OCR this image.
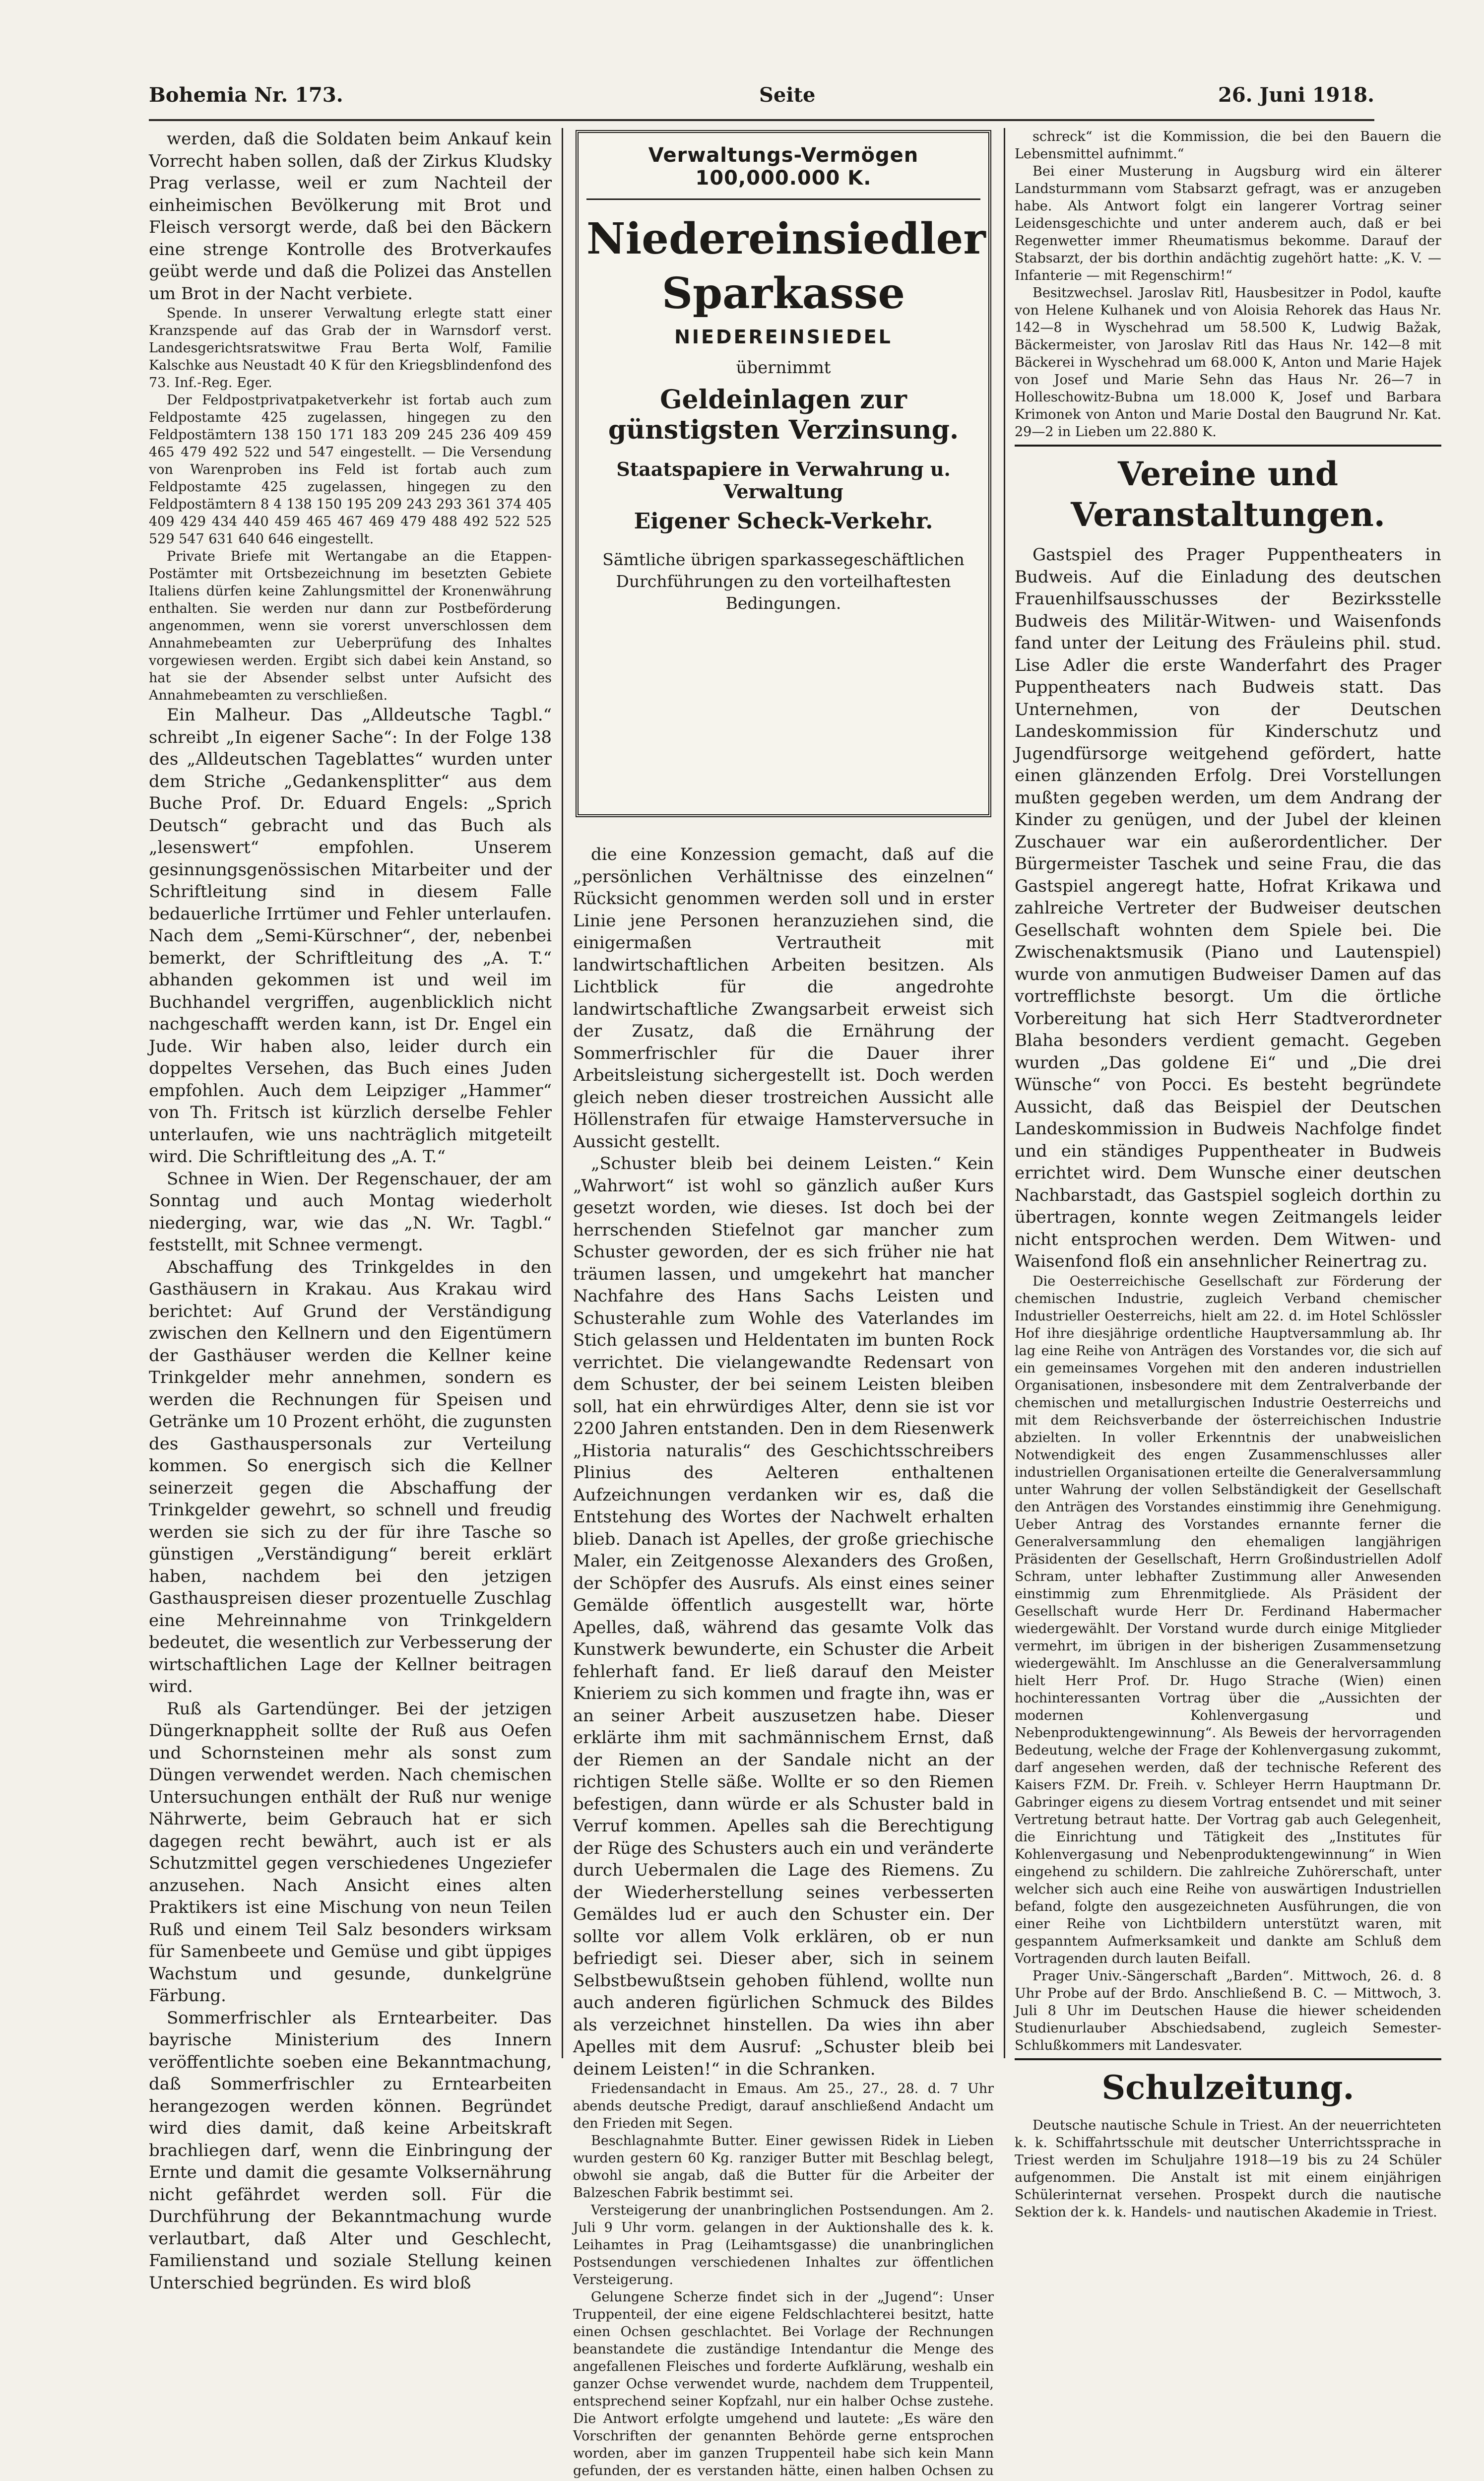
Bohemia Nr. 173.	Seite	26. Juni 1918.

werden, daß die Soldaten beim Ankauf kein Vorrecht haben sollen, daß der Zirkus Kludsky Prag verlasse, weil er zum Nachteil der einheimischen Bevölkerung mit Brot und Fleisch versorgt werde, daß bei den Bäckern eine strenge Kontrolle des Brotverkaufes geübt werde und daß die Polizei das Anstellen um Brot in der Nacht verbiete.

Spende. In unserer Verwaltung erlegte statt einer Kranzspende auf das Grab der in Warnsdorf verst. Landesgerichtsratswitwe Frau Berta Wolf, Familie Kalschke aus Neustadt 40 K für den Kriegsblindenfond des 73. Inf.-Reg. Eger.

Der Feldpostprivatpaketverkehr ist fortab auch zum Feldpostamte 425 zugelassen, hingegen zu den Feldpostämtern 138 150 171 183 209 245 236 409 459 465 479 492 522 und 547 eingestellt. — Die Versendung von Warenproben ins Feld ist fortab auch zum Feldpostamte 425 zugelassen, hingegen zu den Feldpostämtern 8 4 138 150 195 209 243 293 361 374 405 409 429 434 440 459 465 467 469 479 488 492 522 525 529 547 631 640 646 eingestellt.

Private Briefe mit Wertangabe an die Etappen-Postämter mit Ortsbezeichnung im besetzten Gebiete Italiens dürfen keine Zahlungsmittel der Kronenwährung enthalten. Sie werden nur dann zur Postbeförderung angenommen, wenn sie vorerst unverschlossen dem Annahmebeamten zur Ueberprüfung des Inhaltes vorgewiesen werden. Ergibt sich dabei kein Anstand, so hat sie der Absender selbst unter Aufsicht des Annahmebeamten zu verschließen.

Ein Malheur. Das „Alldeutsche Tagbl.“ schreibt „In eigener Sache“: In der Folge 138 des „Alldeutschen Tageblattes“ wurden unter dem Striche „Gedankensplitter“ aus dem Buche Prof. Dr. Eduard Engels: „Sprich Deutsch“ gebracht und das Buch als „lesenswert“ empfohlen. Unserem gesinnungsgenössischen Mitarbeiter und der Schriftleitung sind in diesem Falle bedauerliche Irrtümer und Fehler unterlaufen. Nach dem „Semi-Kürschner“, der, nebenbei bemerkt, der Schriftleitung des „A. T.“ abhanden gekommen ist und weil im Buchhandel vergriffen, augenblicklich nicht nachgeschafft werden kann, ist Dr. Engel ein Jude. Wir haben also, leider durch ein doppeltes Versehen, das Buch eines Juden empfohlen. Auch dem Leipziger „Hammer“ von Th. Fritsch ist kürzlich derselbe Fehler unterlaufen, wie uns nachträglich mitgeteilt wird. Die Schriftleitung des „A. T.“

Schnee in Wien. Der Regenschauer, der am Sonntag und auch Montag wiederholt niederging, war, wie das „N. Wr. Tagbl.“ feststellt, mit Schnee vermengt.

Abschaffung des Trinkgeldes in den Gasthäusern in Krakau. Aus Krakau wird berichtet: Auf Grund der Verständigung zwischen den Kellnern und den Eigentümern der Gasthäuser werden die Kellner keine Trinkgelder mehr annehmen, sondern es werden die Rechnungen für Speisen und Getränke um 10 Prozent erhöht, die zugunsten des Gasthauspersonals zur Verteilung kommen. So energisch sich die Kellner seinerzeit gegen die Abschaffung der Trinkgelder gewehrt, so schnell und freudig werden sie sich zu der für ihre Tasche so günstigen „Verständigung“ bereit erklärt haben, nachdem bei den jetzigen Gasthauspreisen dieser prozentuelle Zuschlag eine Mehreinnahme von Trinkgeldern bedeutet, die wesentlich zur Verbesserung der wirtschaftlichen Lage der Kellner beitragen wird.

Ruß als Gartendünger. Bei der jetzigen Düngerknappheit sollte der Ruß aus Oefen und Schornsteinen mehr als sonst zum Düngen verwendet werden. Nach chemischen Untersuchungen enthält der Ruß nur wenige Nährwerte, beim Gebrauch hat er sich dagegen recht bewährt, auch ist er als Schutzmittel gegen verschiedenes Ungeziefer anzusehen. Nach Ansicht eines alten Praktikers ist eine Mischung von neun Teilen Ruß und einem Teil Salz besonders wirksam für Samenbeete und Gemüse und gibt üppiges Wachstum und gesunde, dunkelgrüne Färbung.

Sommerfrischler als Erntearbeiter. Das bayrische Ministerium des Innern veröffentlichte soeben eine Bekanntmachung, daß Sommerfrischler zu Erntearbeiten herangezogen werden können. Begründet wird dies damit, daß keine Arbeitskraft brachliegen darf, wenn die Einbringung der Ernte und damit die gesamte Volksernährung nicht gefährdet werden soll. Für die Durchführung der Bekanntmachung wurde verlautbart, daß Alter und Geschlecht, Familienstand und soziale Stellung keinen Unterschied begründen. Es wird bloß

Verwaltungs-Vermögen 100,000.000 K.
Niedereinsiedler Sparkasse
NIEDEREINSIEDEL
übernimmt
Geldeinlagen zur günstigsten Verzinsung.
Staatspapiere in Verwahrung u. Verwaltung
Eigener Scheck-Verkehr.
Sämtliche übrigen sparkassegeschäftlichen Durchführungen zu den vorteilhaftesten Bedingungen.

die eine Konzession gemacht, daß auf die „persönlichen Verhältnisse des einzelnen“ Rücksicht genommen werden soll und in erster Linie jene Personen heranzuziehen sind, die einigermaßen Vertrautheit mit landwirtschaftlichen Arbeiten besitzen. Als Lichtblick für die angedrohte landwirtschaftliche Zwangsarbeit erweist sich der Zusatz, daß die Ernährung der Sommerfrischler für die Dauer ihrer Arbeitsleistung sichergestellt ist. Doch werden gleich neben dieser trostreichen Aussicht alle Höllenstrafen für etwaige Hamsterversuche in Aussicht gestellt.

„Schuster bleib bei deinem Leisten.“ Kein „Wahrwort“ ist wohl so gänzlich außer Kurs gesetzt worden, wie dieses. Ist doch bei der herrschenden Stiefelnot gar mancher zum Schuster geworden, der es sich früher nie hat träumen lassen, und umgekehrt hat mancher Nachfahre des Hans Sachs Leisten und Schusterahle zum Wohle des Vaterlandes im Stich gelassen und Heldentaten im bunten Rock verrichtet. Die vielangewandte Redensart von dem Schuster, der bei seinem Leisten bleiben soll, hat ein ehrwürdiges Alter, denn sie ist vor 2200 Jahren entstanden. Den in dem Riesenwerk „Historia naturalis“ des Geschichtsschreibers Plinius des Aelteren enthaltenen Aufzeichnungen verdanken wir es, daß die Entstehung des Wortes der Nachwelt erhalten blieb. Danach ist Apelles, der große griechische Maler, ein Zeitgenosse Alexanders des Großen, der Schöpfer des Ausrufs. Als einst eines seiner Gemälde öffentlich ausgestellt war, hörte Apelles, daß, während das gesamte Volk das Kunstwerk bewunderte, ein Schuster die Arbeit fehlerhaft fand. Er ließ darauf den Meister Knieriem zu sich kommen und fragte ihn, was er an seiner Arbeit auszusetzen habe. Dieser erklärte ihm mit sachmännischem Ernst, daß der Riemen an der Sandale nicht an der richtigen Stelle säße. Wollte er so den Riemen befestigen, dann würde er als Schuster bald in Verruf kommen. Apelles sah die Berechtigung der Rüge des Schusters auch ein und veränderte durch Uebermalen die Lage des Riemens. Zu der Wiederherstellung seines verbesserten Gemäldes lud er auch den Schuster ein. Der sollte vor allem Volk erklären, ob er nun befriedigt sei. Dieser aber, sich in seinem Selbstbewußtsein gehoben fühlend, wollte nun auch anderen figürlichen Schmuck des Bildes als verzeichnet hinstellen. Da wies ihn aber Apelles mit dem Ausruf: „Schuster bleib bei deinem Leisten!“ in die Schranken.

Friedensandacht in Emaus. Am 25., 27., 28. d. 7 Uhr abends deutsche Predigt, darauf anschließend Andacht um den Frieden mit Segen.

Beschlagnahmte Butter. Einer gewissen Ridek in Lieben wurden gestern 60 Kg. ranziger Butter mit Beschlag belegt, obwohl sie angab, daß die Butter für die Arbeiter der Balzeschen Fabrik bestimmt sei.

Versteigerung der unanbringlichen Postsendungen. Am 2. Juli 9 Uhr vorm. gelangen in der Auktionshalle des k. k. Leihamtes in Prag (Leihamtsgasse) die unanbringlichen Postsendungen verschiedenen Inhaltes zur öffentlichen Versteigerung.

Gelungene Scherze findet sich in der „Jugend“: Unser Truppenteil, der eine eigene Feldschlachterei besitzt, hatte einen Ochsen geschlachtet. Bei Vorlage der Rechnungen beanstandete die zuständige Intendantur die Menge des angefallenen Fleisches und forderte Aufklärung, weshalb ein ganzer Ochse verwendet wurde, nachdem dem Truppenteil, entsprechend seiner Kopfzahl, nur ein halber Ochse zustehe. Die Antwort erfolgte umgehend und lautete: „Es wäre den Vorschriften der genannten Behörde gerne entsprochen worden, aber im ganzen Truppenteil habe sich kein Mann gefunden, der es verstanden hätte, einen halben Ochsen zu

schreck“ ist die Kommission, die bei den Bauern die Lebensmittel aufnimmt.“

Bei einer Musterung in Augsburg wird ein älterer Landsturmmann vom Stabsarzt gefragt, was er anzugeben habe. Als Antwort folgt ein langerer Vortrag seiner Leidensgeschichte und unter anderem auch, daß er bei Regenwetter immer Rheumatismus bekomme. Darauf der Stabsarzt, der bis dorthin andächtig zugehört hatte: „K. V. — Infanterie — mit Regenschirm!“

Besitzwechsel. Jaroslav Ritl, Hausbesitzer in Podol, kaufte von Helene Kulhanek und von Aloisia Rehorek das Haus Nr. 142—8 in Wyschehrad um 58.500 K, Ludwig Bažak, Bäckermeister, von Jaroslav Ritl das Haus Nr. 142—8 mit Bäckerei in Wyschehrad um 68.000 K, Anton und Marie Hajek von Josef und Marie Sehn das Haus Nr. 26—7 in Holleschowitz-Bubna um 18.000 K, Josef und Barbara Krimonek von Anton und Marie Dostal den Baugrund Nr. Kat. 29—2 in Lieben um 22.880 K.

Vereine und Veranstaltungen.

Gastspiel des Prager Puppentheaters in Budweis. Auf die Einladung des deutschen Frauenhilfsausschusses der Bezirksstelle Budweis des Militär-Witwen- und Waisenfonds fand unter der Leitung des Fräuleins phil. stud. Lise Adler die erste Wanderfahrt des Prager Puppentheaters nach Budweis statt. Das Unternehmen, von der Deutschen Landeskommission für Kinderschutz und Jugendfürsorge weitgehend gefördert, hatte einen glänzenden Erfolg. Drei Vorstellungen mußten gegeben werden, um dem Andrang der Kinder zu genügen, und der Jubel der kleinen Zuschauer war ein außerordentlicher. Der Bürgermeister Taschek und seine Frau, die das Gastspiel angeregt hatte, Hofrat Krikawa und zahlreiche Vertreter der Budweiser deutschen Gesellschaft wohnten dem Spiele bei. Die Zwischenaktsmusik (Piano und Lautenspiel) wurde von anmutigen Budweiser Damen auf das vortrefflichste besorgt. Um die örtliche Vorbereitung hat sich Herr Stadtverordneter Blaha besonders verdient gemacht. Gegeben wurden „Das goldene Ei“ und „Die drei Wünsche“ von Pocci. Es besteht begründete Aussicht, daß das Beispiel der Deutschen Landeskommission in Budweis Nachfolge findet und ein ständiges Puppentheater in Budweis errichtet wird. Dem Wunsche einer deutschen Nachbarstadt, das Gastspiel sogleich dorthin zu übertragen, konnte wegen Zeitmangels leider nicht entsprochen werden. Dem Witwen- und Waisenfond floß ein ansehnlicher Reinertrag zu.

Die Oesterreichische Gesellschaft zur Förderung der chemischen Industrie, zugleich Verband chemischer Industrieller Oesterreichs, hielt am 22. d. im Hotel Schlössler Hof ihre diesjährige ordentliche Hauptversammlung ab. Ihr lag eine Reihe von Anträgen des Vorstandes vor, die sich auf ein gemeinsames Vorgehen mit den anderen industriellen Organisationen, insbesondere mit dem Zentralverbande der chemischen und metallurgischen Industrie Oesterreichs und mit dem Reichsverbande der österreichischen Industrie abzielten. In voller Erkenntnis der unabweislichen Notwendigkeit des engen Zusammenschlusses aller industriellen Organisationen erteilte die Generalversammlung unter Wahrung der vollen Selbständigkeit der Gesellschaft den Anträgen des Vorstandes einstimmig ihre Genehmigung. Ueber Antrag des Vorstandes ernannte ferner die Generalversammlung den ehemaligen langjährigen Präsidenten der Gesellschaft, Herrn Großindustriellen Adolf Schram, unter lebhafter Zustimmung aller Anwesenden einstimmig zum Ehrenmitgliede. Als Präsident der Gesellschaft wurde Herr Dr. Ferdinand Habermacher wiedergewählt. Der Vorstand wurde durch einige Mitglieder vermehrt, im übrigen in der bisherigen Zusammensetzung wiedergewählt. Im Anschlusse an die Generalversammlung hielt Herr Prof. Dr. Hugo Strache (Wien) einen hochinteressanten Vortrag über die „Aussichten der modernen Kohlenvergasung und Nebenproduktengewinnung“. Als Beweis der hervorragenden Bedeutung, welche der Frage der Kohlenvergasung zukommt, darf angesehen werden, daß der technische Referent des Kaisers FZM. Dr. Freih. v. Schleyer Herrn Hauptmann Dr. Gabringer eigens zu diesem Vortrag entsendet und mit seiner Vertretung betraut hatte. Der Vortrag gab auch Gelegenheit, die Einrichtung und Tätigkeit des „Institutes für Kohlenvergasung und Nebenproduktengewinnung“ in Wien eingehend zu schildern. Die zahlreiche Zuhörerschaft, unter welcher sich auch eine Reihe von auswärtigen Industriellen befand, folgte den ausgezeichneten Ausführungen, die von einer Reihe von Lichtbildern unterstützt waren, mit gespanntem Aufmerksamkeit und dankte am Schluß dem Vortragenden durch lauten Beifall.

Prager Univ.-Sängerschaft „Barden“. Mittwoch, 26. d. 8 Uhr Probe auf der Brdo. Anschließend B. C. — Mittwoch, 3. Juli 8 Uhr im Deutschen Hause die hiewer scheidenden Studienurlauber Abschiedsabend, zugleich Semester-Schlußkommers mit Landesvater.

Schulzeitung.

Deutsche nautische Schule in Triest. An der neuerrichteten k. k. Schiffahrtsschule mit deutscher Unterrichtssprache in Triest werden im Schuljahre 1918—19 bis zu 24 Schüler aufgenommen. Die Anstalt ist mit einem einjährigen Schülerinternat versehen. Prospekt durch die nautische Sektion der k. k. Handels- und nautischen Akademie in Triest.
